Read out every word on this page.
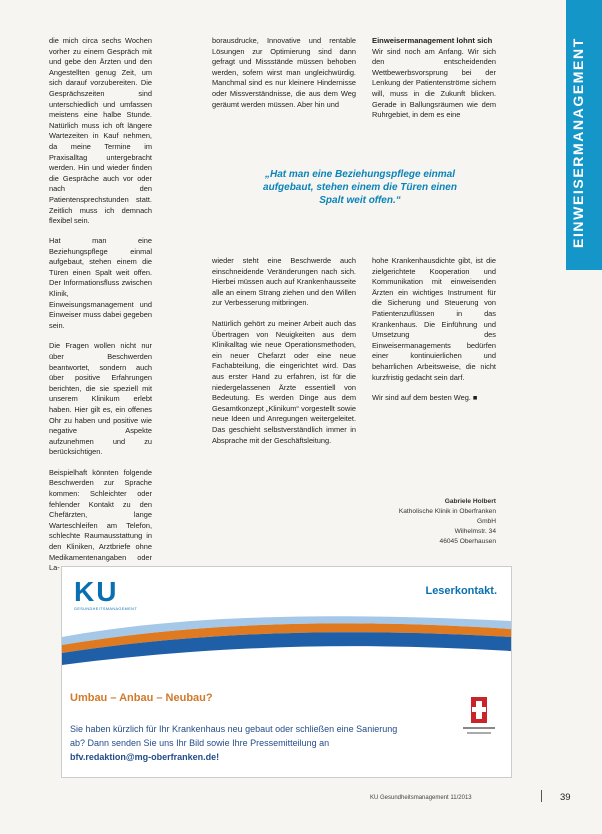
EINWEISERMANAGEMENT

die mich circa sechs Wochen vorher zu einem Gespräch mit und gebe den Ärzten und den Angestellten genug Zeit, um sich darauf vorzubereiten. Die Gesprächszeiten sind unterschiedlich und umfassen meistens eine halbe Stunde. Natürlich muss ich oft längere Wartezeiten in Kauf nehmen, da meine Termine im Praxisalltag untergebracht werden. Hin und wieder finden die Gespräche auch vor oder nach den Patientensprechstunden statt. Zeitlich muss ich demnach flexibel sein.

borausdrucke, Innovative und rentable Lösungen zur Optimierung sind dann gefragt und Missstände müssen behoben werden, sofern wirst man ungleichwürdig. Manchmal sind es nur kleinere Hindernisse oder Missverständnisse, die aus dem Weg geräumt werden müssen. Aber hin und

Einweisermanagement lohnt sich

Wir sind noch am Anfang. Wir sich den entscheidenden Wettbewerbsvorsprung bei der Lenkung der Patientenströme sichern will, muss in die Zukunft blicken. Gerade in Ballungsräumen wie dem Ruhrgebiet, in dem es eine

„Hat man eine Beziehungspflege einmal aufgebaut, stehen einem die Türen einen Spalt weit offen.“

Hat man eine Beziehungspflege einmal aufgebaut, stehen einem die Türen einen Spalt weit offen. Der Informationsfluss zwischen Klinik, Einweisungsmanagement und Einweiser muss dabei gegeben sein.

Die Fragen wollen nicht nur über Beschwerden beantwortet, sondern auch über positive Erfahrungen berichten, die sie speziell mit unserem Klinikum erlebt haben. Hier gilt es, ein offenes Ohr zu haben und positive wie negative Aspekte aufzunehmen und zu berücksichtigen.

Beispielhaft könnten folgende Beschwerden zur Sprache kommen: Schleichter oder fehlender Kontakt zu den Chefärzten, lange Warteschleifen am Telefon, schlechte Raumausstattung in den Kliniken, Arztbriefe ohne Medikamentenangaben oder La-

wieder steht eine Beschwerde auch einschneidende Veränderungen nach sich. Hierbei müssen auch auf Krankenhausseite alle an einem Strang ziehen und den Willen zur Verbesserung mitbringen.

Natürlich gehört zu meiner Arbeit auch das Übertragen von Neuigkeiten aus dem Klinikalltag wie neue Operationsmethoden, ein neuer Chefarzt oder eine neue Fachabteilung, die eingerichtet wird. Das aus erster Hand zu erfahren, ist für die niedergelassenen Ärzte essentiell von Bedeutung. Es werden Dinge aus dem Gesamtkonzept „Klinikum“ vorgestellt sowie neue Ideen und Anregungen weitergeleitet. Das geschieht selbstverständlich immer in Absprache mit der Geschäftsleitung.

hohe Krankenhausdichte gibt, ist die zielgerichtete Kooperation und Kommunikation mit einweisenden Ärzten ein wichtiges Instrument für die Sicherung und Steuerung von Patientenzuflüssen in das Krankenhaus. Die Einführung und Umsetzung des Einweisermanagements bedürfen einer kontinuierlichen und beharrlichen Arbeitsweise, die nicht kurzfristig gedacht sein darf.

Wir sind auf dem besten Weg. ■

Gabriele Holbert
Katholische Klinik in Oberfranken
GmbH
Wilhelmstr. 34
46045 Oberhausen
KU
GESUNDHEITSMANAGEMENT
Leserkontakt.
Umbau – Anbau – Neubau?
Sie haben kürzlich für Ihr Krankenhaus neu gebaut oder schließen eine Sanierung ab? Dann senden Sie uns Ihr Bild sowie Ihre Pressemitteilung an
bfv.redaktion@mg-oberfranken.de!
KU Gesundheitsmanagement 11/2013	39
